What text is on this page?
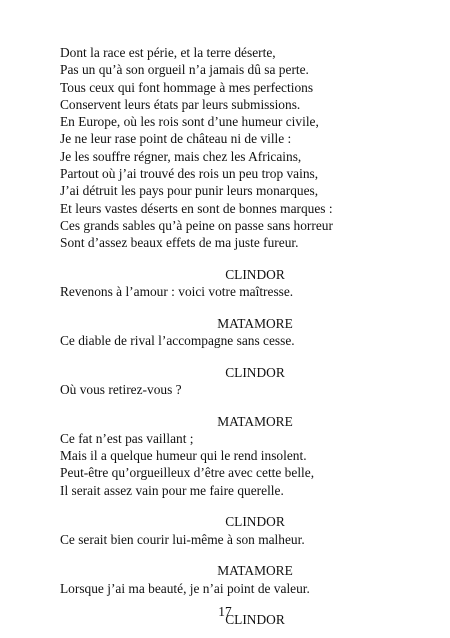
Dont la race est périe, et la terre déserte,
Pas un qu’à son orgueil n’a jamais dû sa perte.
Tous ceux qui font hommage à mes perfections
Conservent leurs états par leurs submissions.
En Europe, où les rois sont d’une humeur civile,
Je ne leur rase point de château ni de ville :
Je les souffre régner, mais chez les Africains,
Partout où j’ai trouvé des rois un peu trop vains,
J’ai détruit les pays pour punir leurs monarques,
Et leurs vastes déserts en sont de bonnes marques :
Ces grands sables qu’à peine on passe sans horreur
Sont d’assez beaux effets de ma juste fureur.
CLINDOR
Revenons à l’amour : voici votre maîtresse.
MATAMORE
Ce diable de rival l’accompagne sans cesse.
CLINDOR
Où vous retirez-vous ?
MATAMORE
Ce fat n’est pas vaillant ;
Mais il a quelque humeur qui le rend insolent.
Peut-être qu’orgueilleux d’être avec cette belle,
Il serait assez vain pour me faire querelle.
CLINDOR
Ce serait bien courir lui-même à son malheur.
MATAMORE
Lorsque j’ai ma beauté, je n’ai point de valeur.
CLINDOR
17
